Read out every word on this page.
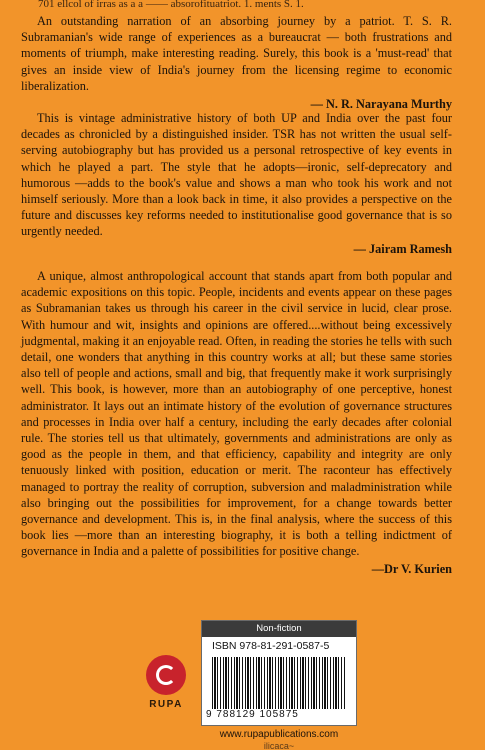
701 ellcol of irras as a a —— absorofituatriot. 1. ments S. 1.

An outstanding narration of an absorbing journey by a patriot. T. S. R. Subramanian's wide range of experiences as a bureaucrat — both frustrations and moments of triumph, make interesting reading. Surely, this book is a 'must-read' that gives an inside view of India's journey from the licensing regime to economic liberalization.

— N. R. Narayana Murthy

This is vintage administrative history of both UP and India over the past four decades as chronicled by a distinguished insider. TSR has not written the usual self-serving autobiography but has provided us a personal retrospective of key events in which he played a part. The style that he adopts—ironic, self-deprecatory and humorous —adds to the book's value and shows a man who took his work and not himself seriously. More than a look back in time, it also provides a perspective on the future and discusses key reforms needed to institutionalise good governance that is so urgently needed.

— Jairam Ramesh

A unique, almost anthropological account that stands apart from both popular and academic expositions on this topic. People, incidents and events appear on these pages as Subramanian takes us through his career in the civil service in lucid, clear prose. With humour and wit, insights and opinions are offered....without being excessively judgmental, making it an enjoyable read. Often, in reading the stories he tells with such detail, one wonders that anything in this country works at all; but these same stories also tell of people and actions, small and big, that frequently make it work surprisingly well. This book, is however, more than an autobiography of one perceptive, honest administrator. It lays out an intimate history of the evolution of governance structures and processes in India over half a century, including the early decades after colonial rule. The stories tell us that ultimately, governments and administrations are only as good as the people in them, and that efficiency, capability and integrity are only tenuously linked with position, education or merit. The raconteur has effectively managed to portray the reality of corruption, subversion and maladministration while also bringing out the possibilities for improvement, for a change towards better governance and development. This is, in the final analysis, where the success of this book lies —more than an interesting biography, it is both a telling indictment of governance in India and a palette of possibilities for positive change.

—Dr V. Kurien
RUPA
Non-fiction
ISBN 978-81-291-0587-5
9 788129 105875
www.rupapublications.com
ilicaca~
